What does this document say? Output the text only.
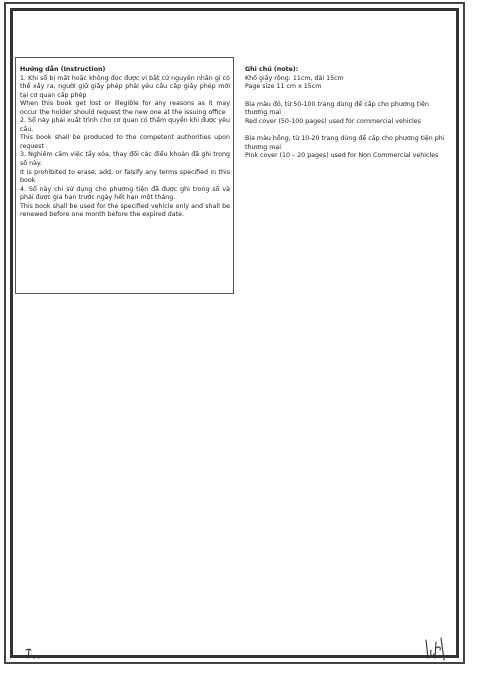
Hướng dẫn (Instruction)

1. Khi sổ bị mất hoặc không đọc được vì bất cứ nguyên nhân gì có thể xẩy ra, người giữ giấy phép phải yêu cầu cấp giấy phép mới tại cơ quan cấp phép

When this book get lost or illegible for any reasons as it may occur the holder should request the new one at the issuing office

2. Sổ này phải xuất trình cho cơ quan có thẩm quyền khi được yêu cầu.

This book shall be produced to the competent authorities upon request

3. Nghiêm cấm việc tẩy xóa, thay đổi các điều khoản đã ghi trong sổ này.

It is prohibited to erase, add, or falsify any terms specified in this book

4. Sổ này chỉ sử dụng cho phương tiện đã được ghi trong sổ và phải được gia hạn trước ngày hết hạn một tháng.

This book shall be used for the specified vehicle only and shall be renewed before one month before the expired date.

Ghi chú (note):

Khổ giấy rộng: 11cm, dài 15cm

Page size 11 cm x 15cm

Bìa màu đỏ, từ 50-100 trang dùng để cấp cho phương tiện thương mại

Red cover (50-100 pages) used for commercial vehicles

Bìa màu hồng, từ 10-20 trang dùng để cấp cho phương tiện phi thương mại

Pink cover (10 – 20 pages) used for Non Commercial vehicles
